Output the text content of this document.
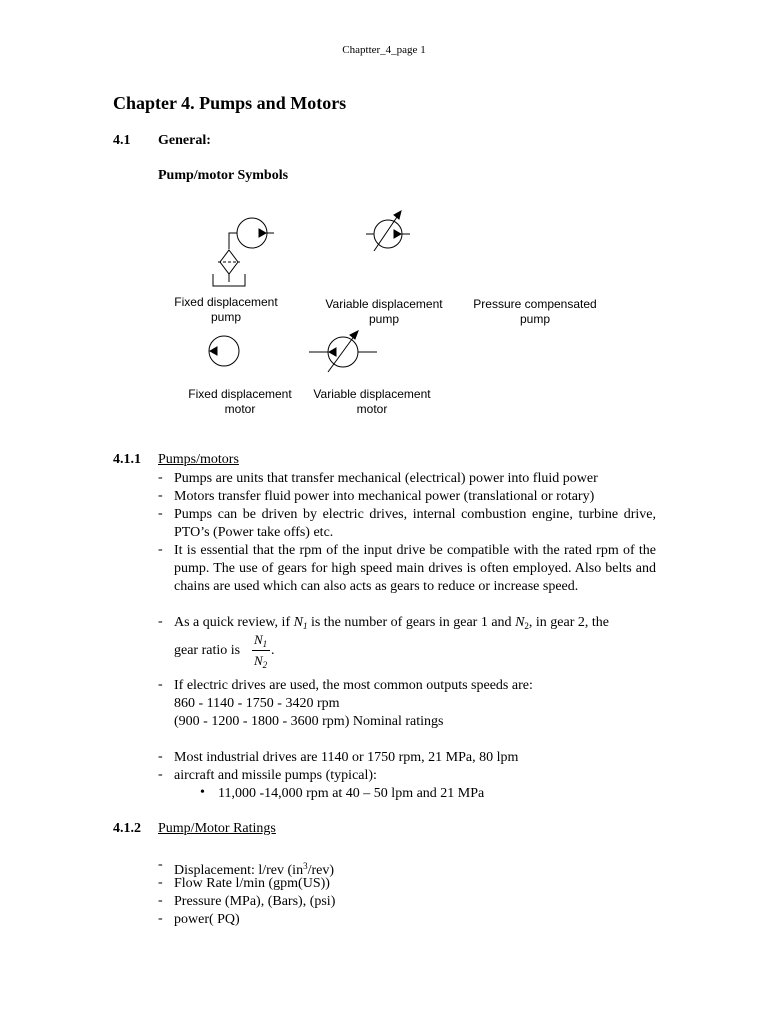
Chaptter_4_page 1
Chapter 4. Pumps and Motors
4.1 General:
Pump/motor Symbols
Fixed displacement
pump
Variable displacement
pump
Pressure compensated
pump
Fixed displacement
motor
Variable displacement
motor
4.1.1 Pumps/motors
- Pumps are units that transfer mechanical (electrical) power into fluid power
- Motors transfer fluid power into mechanical power (translational or rotary)
- Pumps can be driven by electric drives, internal combustion engine, turbine drive, PTO’s (Power take offs) etc.
- It is essential that the rpm of the input drive be compatible with the rated rpm of the pump. The use of gears for high speed main drives is often employed. Also belts and chains are used which can also acts as gears to reduce or increase speed.
- As a quick review, if $N_1$ is the number of gears in gear 1 and $N_2$, in gear 2, the
gear ratio is
$N_1$
$N_2$
.
- If electric drives are used, the most common outputs speeds are:
860 - 1140 - 1750 - 3420 rpm
(900 - 1200 - 1800 - 3600 rpm) Nominal ratings
- Most industrial drives are 1140 or 1750 rpm, 21 MPa, 80 lpm
- aircraft and missile pumps (typical):
• 11,000 -14,000 rpm at 40 – 50 lpm and 21 MPa
4.1.2 Pump/Motor Ratings
- Displacement: l/rev $(in^3/rev)$
- Flow Rate l/min (gpm(US))
- Pressure (MPa), (Bars), (psi)
- power( PQ)
